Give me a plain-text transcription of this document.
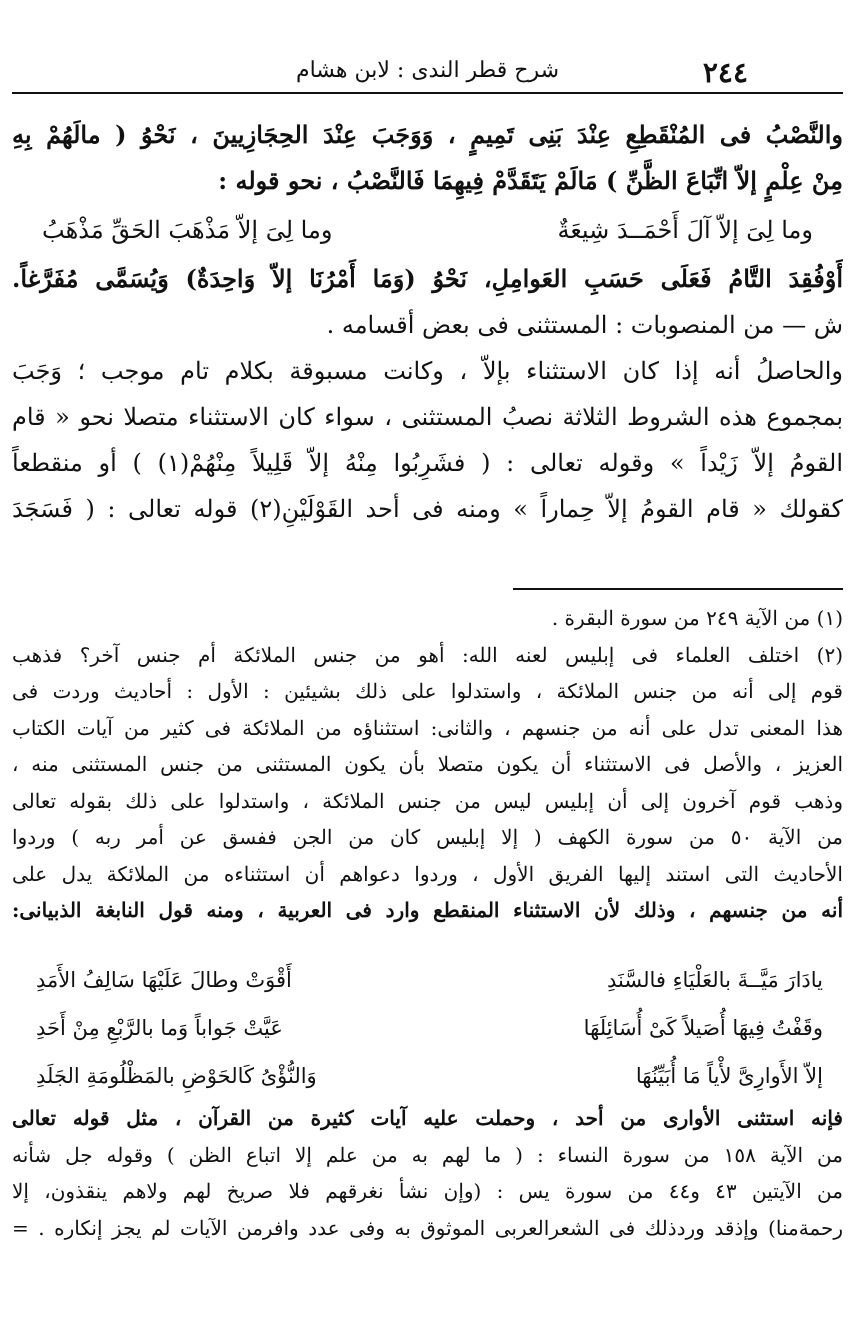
٢٤٤
شرح قطر الندى : لابن هشام
والنَّصْبُ فى المُنْقَطِعِ عِنْدَ بَنِى تَمِيمٍ ، وَوَجَبَ عِنْدَ الحِجَازِيينَ ، نَحْوُ ( مالَهُمْ بِهِ
مِنْ عِلْمٍ إلاّ اتِّبَاعَ الظَّنِّ ) مَالَمْ يَتَقَدَّمْ فِيهِمَا فَالنَّصْبُ ، نحو قوله :
وما لِىَ إلاّ آلَ أَحْمَــدَ شِيعَةٌ
وما لِىَ إلاّ مَذْهَبَ الحَقِّ مَذْهَبُ
أَوْفُقِدَ التَّامُ فَعَلَى حَسَبِ العَوامِلِ، نَحْوُ (وَمَا أَمْرُنَا إلاّ وَاحِدَةٌ) وَيُسَمَّى مُفَرَّغاً.
ش — من المنصوبات : المستثنى فى بعض أقسامه .
والحاصلُ أنه إذا كان الاستثناء بإلاّ ، وكانت مسبوقة بكلام تام موجب ؛ وَجَبَ
بمجموع هذه الشروط الثلاثة نصبُ المستثنى ، سواء كان الاستثناء متصلا نحو « قام
القومُ إلاّ زَيْداً » وقوله تعالى : ( فشَرِبُوا مِنْهُ إلاّ قَلِيلاً مِنْهُمْ(١) ) أو منقطعاً
كقولك « قام القومُ إلاّ حِماراً » ومنه فى أحد القَوْلَيْنِ(٢) قوله تعالى : ( فَسَجَدَ
(١) من الآية ٢٤٩ من سورة البقرة .
(٢) اختلف العلماء فى إبليس لعنه الله: أهو من جنس الملائكة أم جنس آخر؟ فذهب
قوم إلى أنه من جنس الملائكة ، واستدلوا على ذلك بشيئين : الأول : أحاديث وردت فى
هذا المعنى تدل على أنه من جنسهم ، والثانى: استثناؤه من الملائكة فى كثير من آيات الكتاب
العزيز ، والأصل فى الاستثناء أن يكون متصلا بأن يكون المستثنى من جنس المستثنى منه ،
وذهب قوم آخرون إلى أن إبليس ليس من جنس الملائكة ، واستدلوا على ذلك بقوله تعالى
من الآية ٥٠ من سورة الكهف ( إلا إبليس كان من الجن ففسق عن أمر ربه ) وردوا
الأحاديث التى استند إليها الفريق الأول ، وردوا دعواهم أن استثناءه من الملائكة يدل على
أنه من جنسهم ، وذلك لأن الاستثناء المنقطع وارد فى العربية ، ومنه قول النابغة الذبيانى:
يادَارَ مَيَّــةَ بالعَلْيَاءِ فالسَّنَدِ
أَقْوَتْ وطالَ عَلَيْهَا سَالِفُ الأَمَدِ
وقَفْتُ فِيهَا أُصَيلاً كَىْ أُسَائِلَهَا
عَيَّتْ جَواباً وَما بالرَّبْعِ مِنْ أَحَدِ
إلاّ الأَوارِىَّ لأْياً مَا أُبَيِّنُهَا
وَالنُّؤْىُ كَالحَوْضِ بالمَظْلُومَةِ الجَلَدِ
فإنه استثنى الأوارى من أحد ، وحملت عليه آيات كثيرة من القرآن ، مثل قوله تعالى
من الآية ١٥٨ من سورة النساء : ( ما لهم به من علم إلا اتباع الظن ) وقوله جل شأنه
من الآيتين ٤٣ و٤٤ من سورة يس : (وإن نشأ نغرقهم فلا صريخ لهم ولاهم ينقذون، إلا
رحمةمنا) وإذقد وردذلك فى الشعرالعربى الموثوق به وفى عدد وافرمن الآيات لم يجز إنكاره . =
